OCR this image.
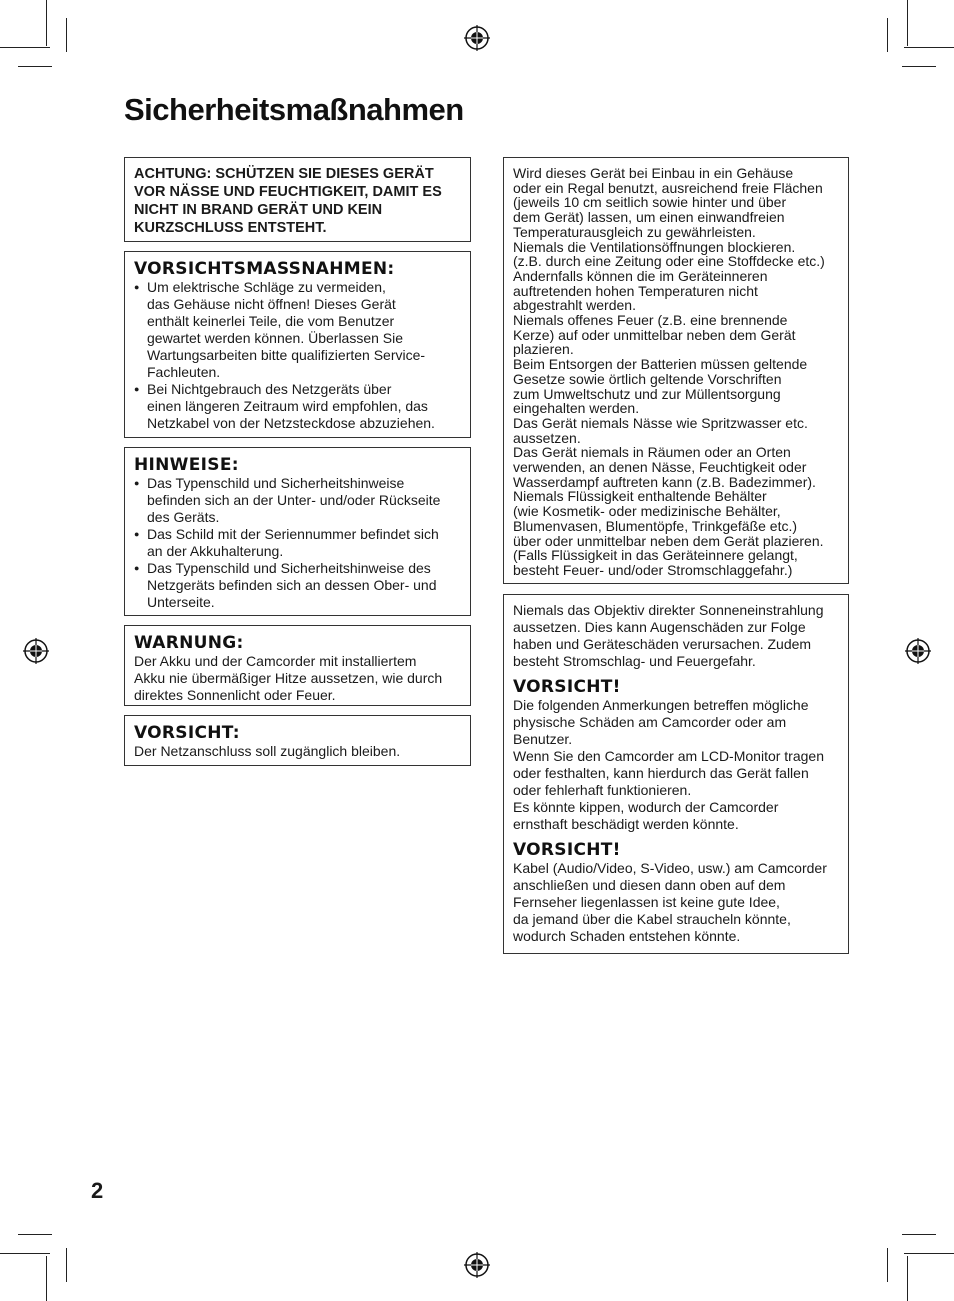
Sicherheitsmaßnahmen

ACHTUNG: SCHÜTZEN SIE DIESES GERÄT VOR NÄSSE UND FEUCHTIGKEIT, DAMIT ES NICHT IN BRAND GERÄT UND KEIN KURZSCHLUSS ENTSTEHT.

VORSICHTSMASSNAHMEN:

● Um elektrische Schläge zu vermeiden,
das Gehäuse nicht öffnen! Dieses Gerät
enthält keinerlei Teile, die vom Benutzer
gewartet werden können. Überlassen Sie
Wartungsarbeiten bitte qualifizierten Service-
Fachleuten.
● Bei Nichtgebrauch des Netzgeräts über
einen längeren Zeitraum wird empfohlen, das
Netzkabel von der Netzsteckdose abzuziehen.

HINWEISE:

● Das Typenschild und Sicherheitshinweise
befinden sich an der Unter- und/oder Rückseite
des Geräts.
● Das Schild mit der Seriennummer befindet sich
an der Akkuhalterung.
● Das Typenschild und Sicherheitshinweise des
Netzgeräts befinden sich an dessen Ober- und
Unterseite.

WARNUNG:

Der Akku und der Camcorder mit installiertem
Akku nie übermäßiger Hitze aussetzen, wie durch
direktes Sonnenlicht oder Feuer.

VORSICHT:

Der Netzanschluss soll zugänglich bleiben.

Wird dieses Gerät bei Einbau in ein Gehäuse
oder ein Regal benutzt, ausreichend freie Flächen
(jeweils 10 cm seitlich sowie hinter und über
dem Gerät) lassen, um einen einwandfreien
Temperaturausgleich zu gewährleisten.
Niemals die Ventilationsöffnungen blockieren.
(z.B. durch eine Zeitung oder eine Stoffdecke etc.)
Andernfalls können die im Geräteinneren
auftretenden hohen Temperaturen nicht
abgestrahlt werden.
Niemals offenes Feuer (z.B. eine brennende
Kerze) auf oder unmittelbar neben dem Gerät
plazieren.
Beim Entsorgen der Batterien müssen geltende
Gesetze sowie örtlich geltende Vorschriften
zum Umweltschutz und zur Müllentsorgung
eingehalten werden.
Das Gerät niemals Nässe wie Spritzwasser etc.
aussetzen.
Das Gerät niemals in Räumen oder an Orten
verwenden, an denen Nässe, Feuchtigkeit oder
Wasserdampf auftreten kann (z.B. Badezimmer).
Niemals Flüssigkeit enthaltende Behälter
(wie Kosmetik- oder medizinische Behälter,
Blumenvasen, Blumentöpfe, Trinkgefäße etc.)
über oder unmittelbar neben dem Gerät plazieren.
(Falls Flüssigkeit in das Geräteinnere gelangt,
besteht Feuer- und/oder Stromschlaggefahr.)

Niemals das Objektiv direkter Sonneneinstrahlung
aussetzen. Dies kann Augenschäden zur Folge
haben und Geräteschäden verursachen. Zudem
besteht Stromschlag- und Feuergefahr.

VORSICHT!

Die folgenden Anmerkungen betreffen mögliche
physische Schäden am Camcorder oder am
Benutzer.
Wenn Sie den Camcorder am LCD-Monitor tragen
oder festhalten, kann hierdurch das Gerät fallen
oder fehlerhaft funktionieren.
Es könnte kippen, wodurch der Camcorder
ernsthaft beschädigt werden könnte.

VORSICHT!

Kabel (Audio/Video, S-Video, usw.) am Camcorder
anschließen und diesen dann oben auf dem
Fernseher liegenlassen ist keine gute Idee,
da jemand über die Kabel straucheln könnte,
wodurch Schaden entstehen könnte.

2
